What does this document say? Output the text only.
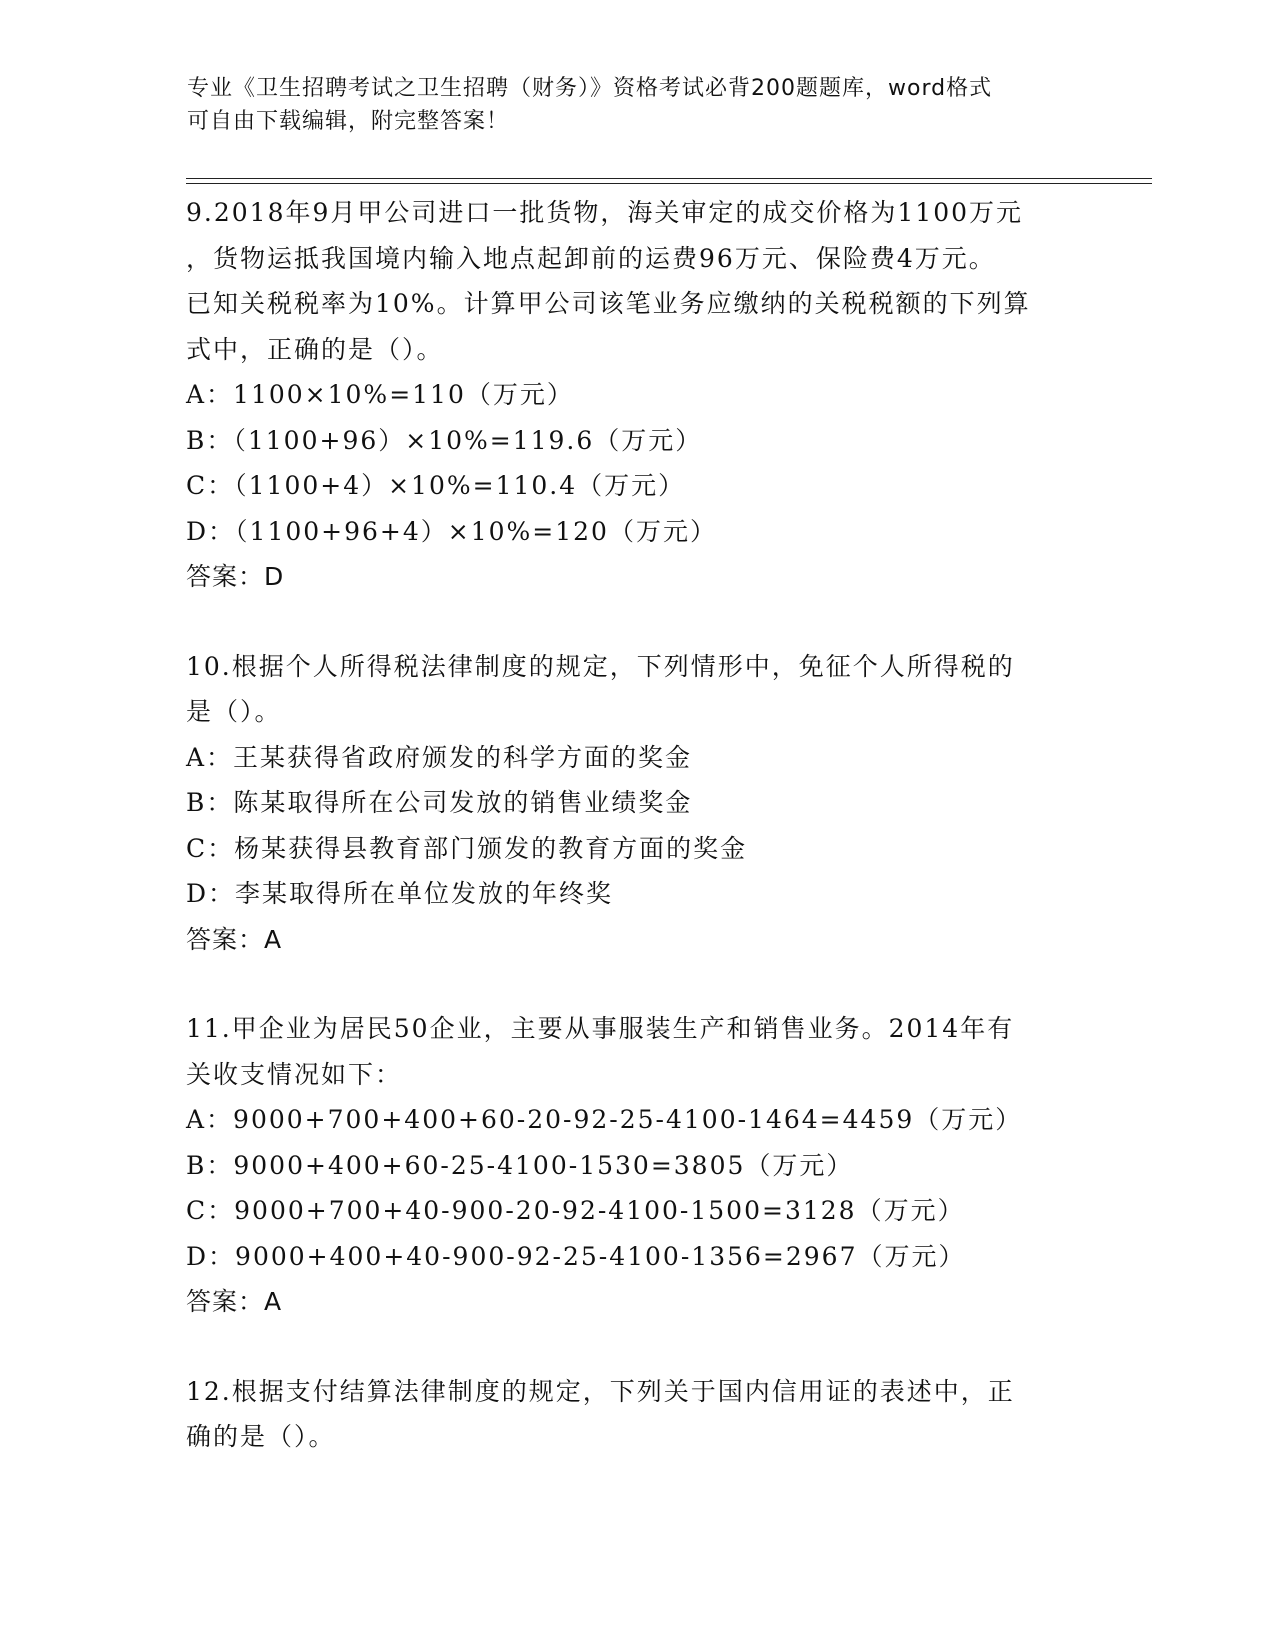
专业《卫生招聘考试之卫生招聘（财务）》资格考试必背200题题库，word格式
可自由下载编辑，附完整答案！

9.2018年9月甲公司进口一批货物，海关审定的成交价格为1100万元

，货物运抵我国境内输入地点起卸前的运费96万元、保险费4万元。

已知关税税率为10%。计算甲公司该笔业务应缴纳的关税税额的下列算

式中，正确的是（）。

A：1100×10%=110（万元）

B：（1100+96）×10%=119.6（万元）

C：（1100+4）×10%=110.4（万元）

D：（1100+96+4）×10%=120（万元）

答案：D

10.根据个人所得税法律制度的规定，下列情形中，免征个人所得税的

是（）。

A：王某获得省政府颁发的科学方面的奖金

B：陈某取得所在公司发放的销售业绩奖金

C：杨某获得县教育部门颁发的教育方面的奖金

D：李某取得所在单位发放的年终奖

答案：A

11.甲企业为居民50企业，主要从事服装生产和销售业务。2014年有

关收支情况如下：

A：9000+700+400+60-20-92-25-4100-1464=4459（万元）

B：9000+400+60-25-4100-1530=3805（万元）

C：9000+700+40-900-20-92-4100-1500=3128（万元）

D：9000+400+40-900-92-25-4100-1356=2967（万元）

答案：A

12.根据支付结算法律制度的规定，下列关于国内信用证的表述中，正

确的是（）。
